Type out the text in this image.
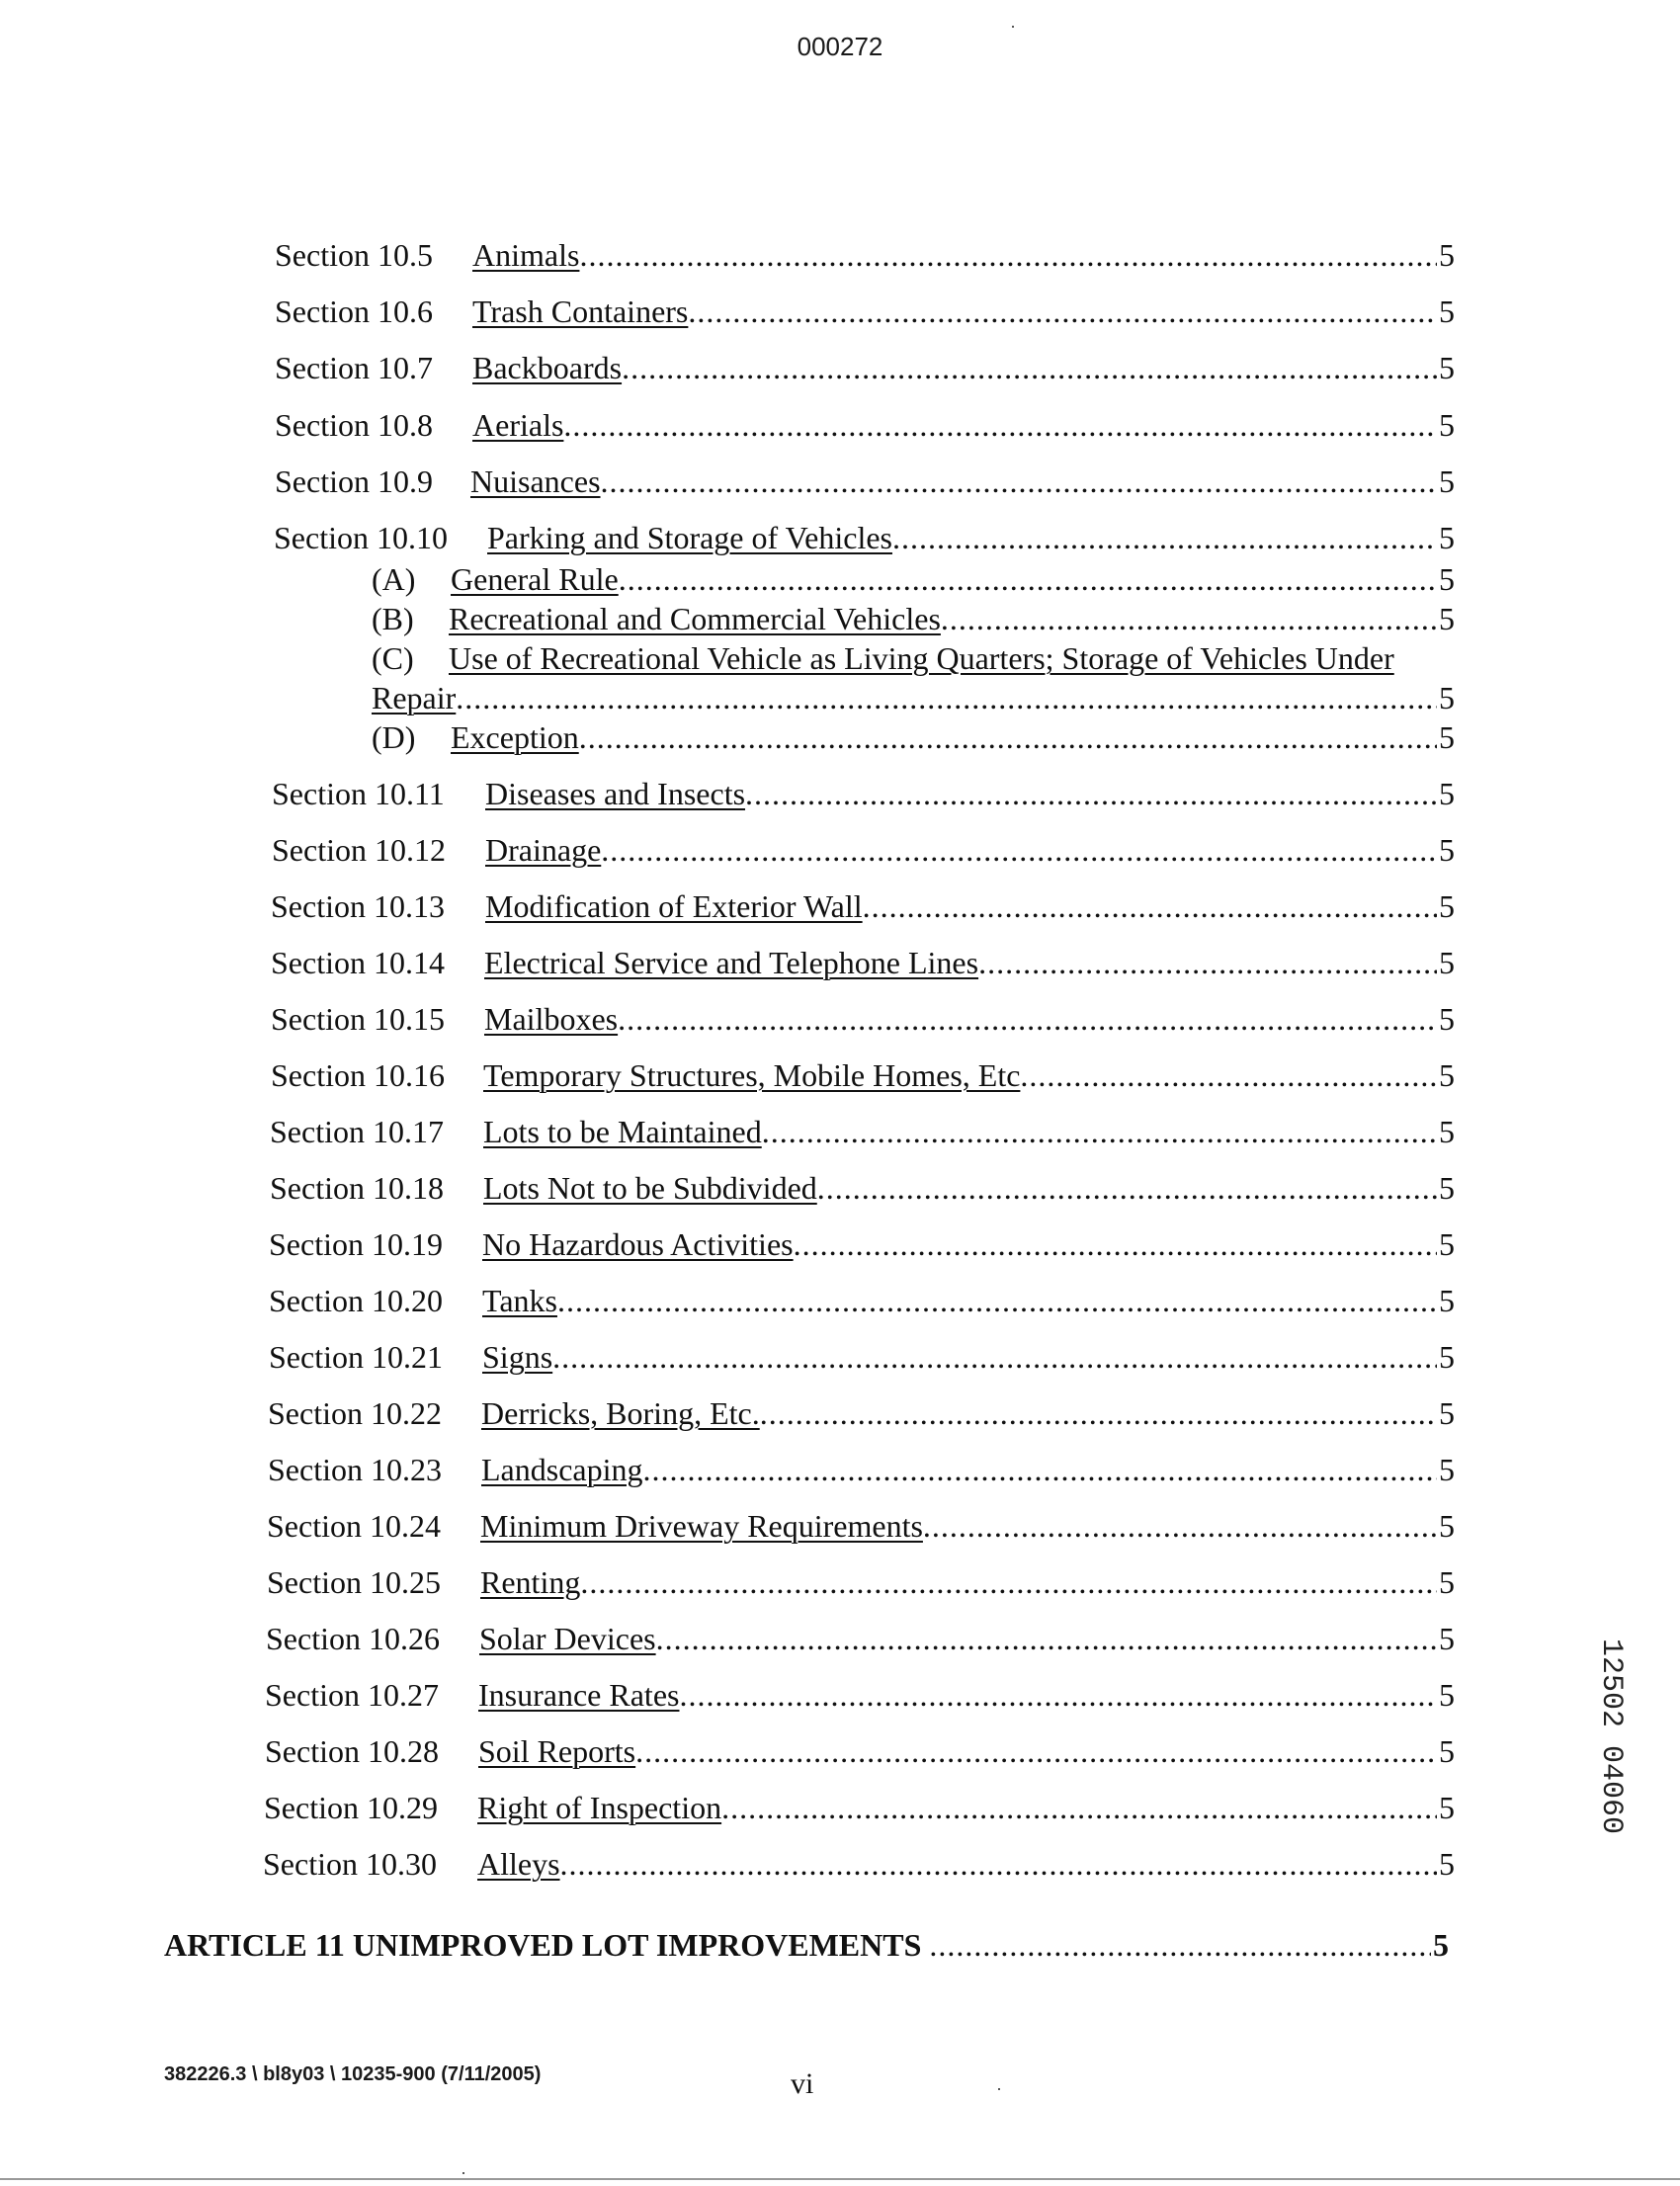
000272
Section 10.5	Animals .....	5
Section 10.6	Trash Containers .....	5
Section 10.7	Backboards .....	5
Section 10.8	Aerials .....	5
Section 10.9	Nuisances .....	5
Section 10.10	Parking and Storage of Vehicles .....	5
(A)	General Rule .....	5
(B)	Recreational and Commercial Vehicles .....	5
(C) Use of Recreational Vehicle as Living Quarters; Storage of Vehicles Under
Repair .....	5
(D)	Exception .....	5
Section 10.11	Diseases and Insects .....	5
Section 10.12	Drainage .....	5
Section 10.13	Modification of Exterior Wall .....	5
Section 10.14	Electrical Service and Telephone Lines .....	5
Section 10.15	Mailboxes .....	5
Section 10.16	Temporary Structures, Mobile Homes, Etc .....	5
Section 10.17	Lots to be Maintained .....	5
Section 10.18	Lots Not to be Subdivided .....	5
Section 10.19	No Hazardous Activities .....	5
Section 10.20	Tanks .....	5
Section 10.21	Signs .....	5
Section 10.22	Derricks, Boring, Etc. .....	5
Section 10.23	Landscaping .....	5
Section 10.24	Minimum Driveway Requirements .....	5
Section 10.25	Renting .....	5
Section 10.26	Solar Devices .....	5
Section 10.27	Insurance Rates .....	5
Section 10.28	Soil Reports .....	5
Section 10.29	Right of Inspection .....	5
Section 10.30	Alleys .....	5
ARTICLE 11 UNIMPROVED LOT IMPROVEMENTS .....	5
382226.3 \ bl8y03 \ 10235-900 (7/11/2005)	vi
12502 04060
